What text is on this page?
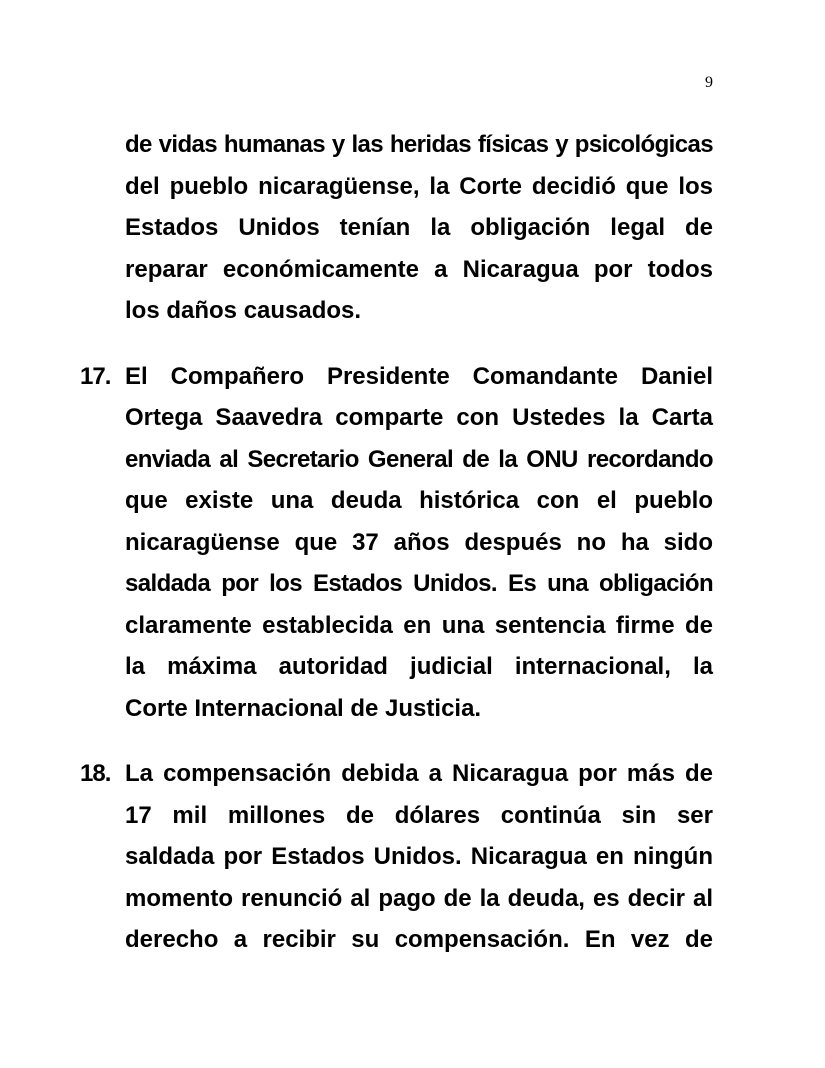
9
de vidas humanas y las heridas físicas y psicológicas
del pueblo nicaragüense, la Corte decidió que los
Estados Unidos tenían la obligación legal de
reparar económicamente a Nicaragua por todos
los daños causados.
17. El Compañero Presidente Comandante Daniel
Ortega Saavedra comparte con Ustedes la Carta
enviada al Secretario General de la ONU recordando
que existe una deuda histórica con el pueblo
nicaragüense que 37 años después no ha sido
saldada por los Estados Unidos. Es una obligación
claramente establecida en una sentencia firme de
la máxima autoridad judicial internacional, la
Corte Internacional de Justicia.
18. La compensación debida a Nicaragua por más de
17 mil millones de dólares continúa sin ser
saldada por Estados Unidos. Nicaragua en ningún
momento renunció al pago de la deuda, es decir al
derecho a recibir su compensación. En vez de
